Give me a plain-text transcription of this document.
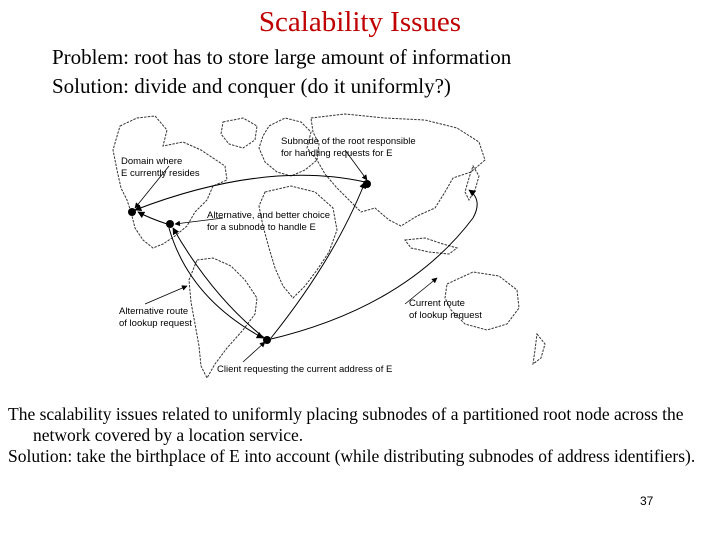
Scalability Issues
Problem: root has to store large amount of information
Solution: divide and conquer (do it uniformly?)
Subnode of the root responsible
for handling requests for E
Domain where
E currently resides
Alternative, and better choice
for a subnode to handle E
Alternative route
of lookup request
Current route
of lookup request
Client requesting the current address of E
The scalability issues related to uniformly placing subnodes of a partitioned root node across the network covered by a location service.
Solution: take the birthplace of E into account (while distributing subnodes of address identifiers).
37
